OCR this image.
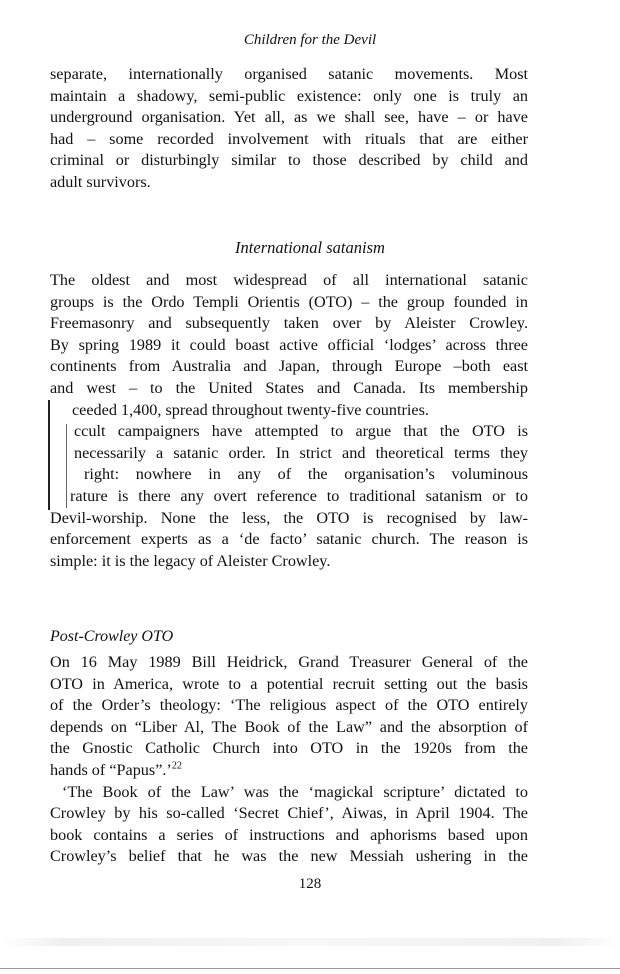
Children for the Devil

separate, internationally organised satanic movements. Most
maintain a shadowy, semi-public existence: only one is truly an
underground organisation. Yet all, as we shall see, have – or have
had – some recorded involvement with rituals that are either
criminal or disturbingly similar to those described by child and
adult survivors.

International satanism

The oldest and most widespread of all international satanic
groups is the Ordo Templi Orientis (OTO) – the group founded in
Freemasonry and subsequently taken over by Aleister Crowley.
By spring 1989 it could boast active official ‘lodges’ across three
continents from Australia and Japan, through Europe –both east
and west – to the United States and Canada. Its membership
ceeded 1,400, spread throughout twenty-five countries.
ccult campaigners have attempted to argue that the OTO is
necessarily a satanic order. In strict and theoretical terms they
right: nowhere in any of the organisation’s voluminous
rature is there any overt reference to traditional satanism or to
Devil-worship. None the less, the OTO is recognised by law-
enforcement experts as a ‘de facto’ satanic church. The reason is
simple: it is the legacy of Aleister Crowley.

Post-Crowley OTO

On 16 May 1989 Bill Heidrick, Grand Treasurer General of the
OTO in America, wrote to a potential recruit setting out the basis
of the Order’s theology: ‘The religious aspect of the OTO entirely
depends on “Liber Al, The Book of the Law” and the absorption of
the Gnostic Catholic Church into OTO in the 1920s from the
hands of “Papus”.’$^{22}$
‘The Book of the Law’ was the ‘magickal scripture’ dictated to
Crowley by his so-called ‘Secret Chief’, Aiwas, in April 1904. The
book contains a series of instructions and aphorisms based upon
Crowley’s belief that he was the new Messiah ushering in the

128
